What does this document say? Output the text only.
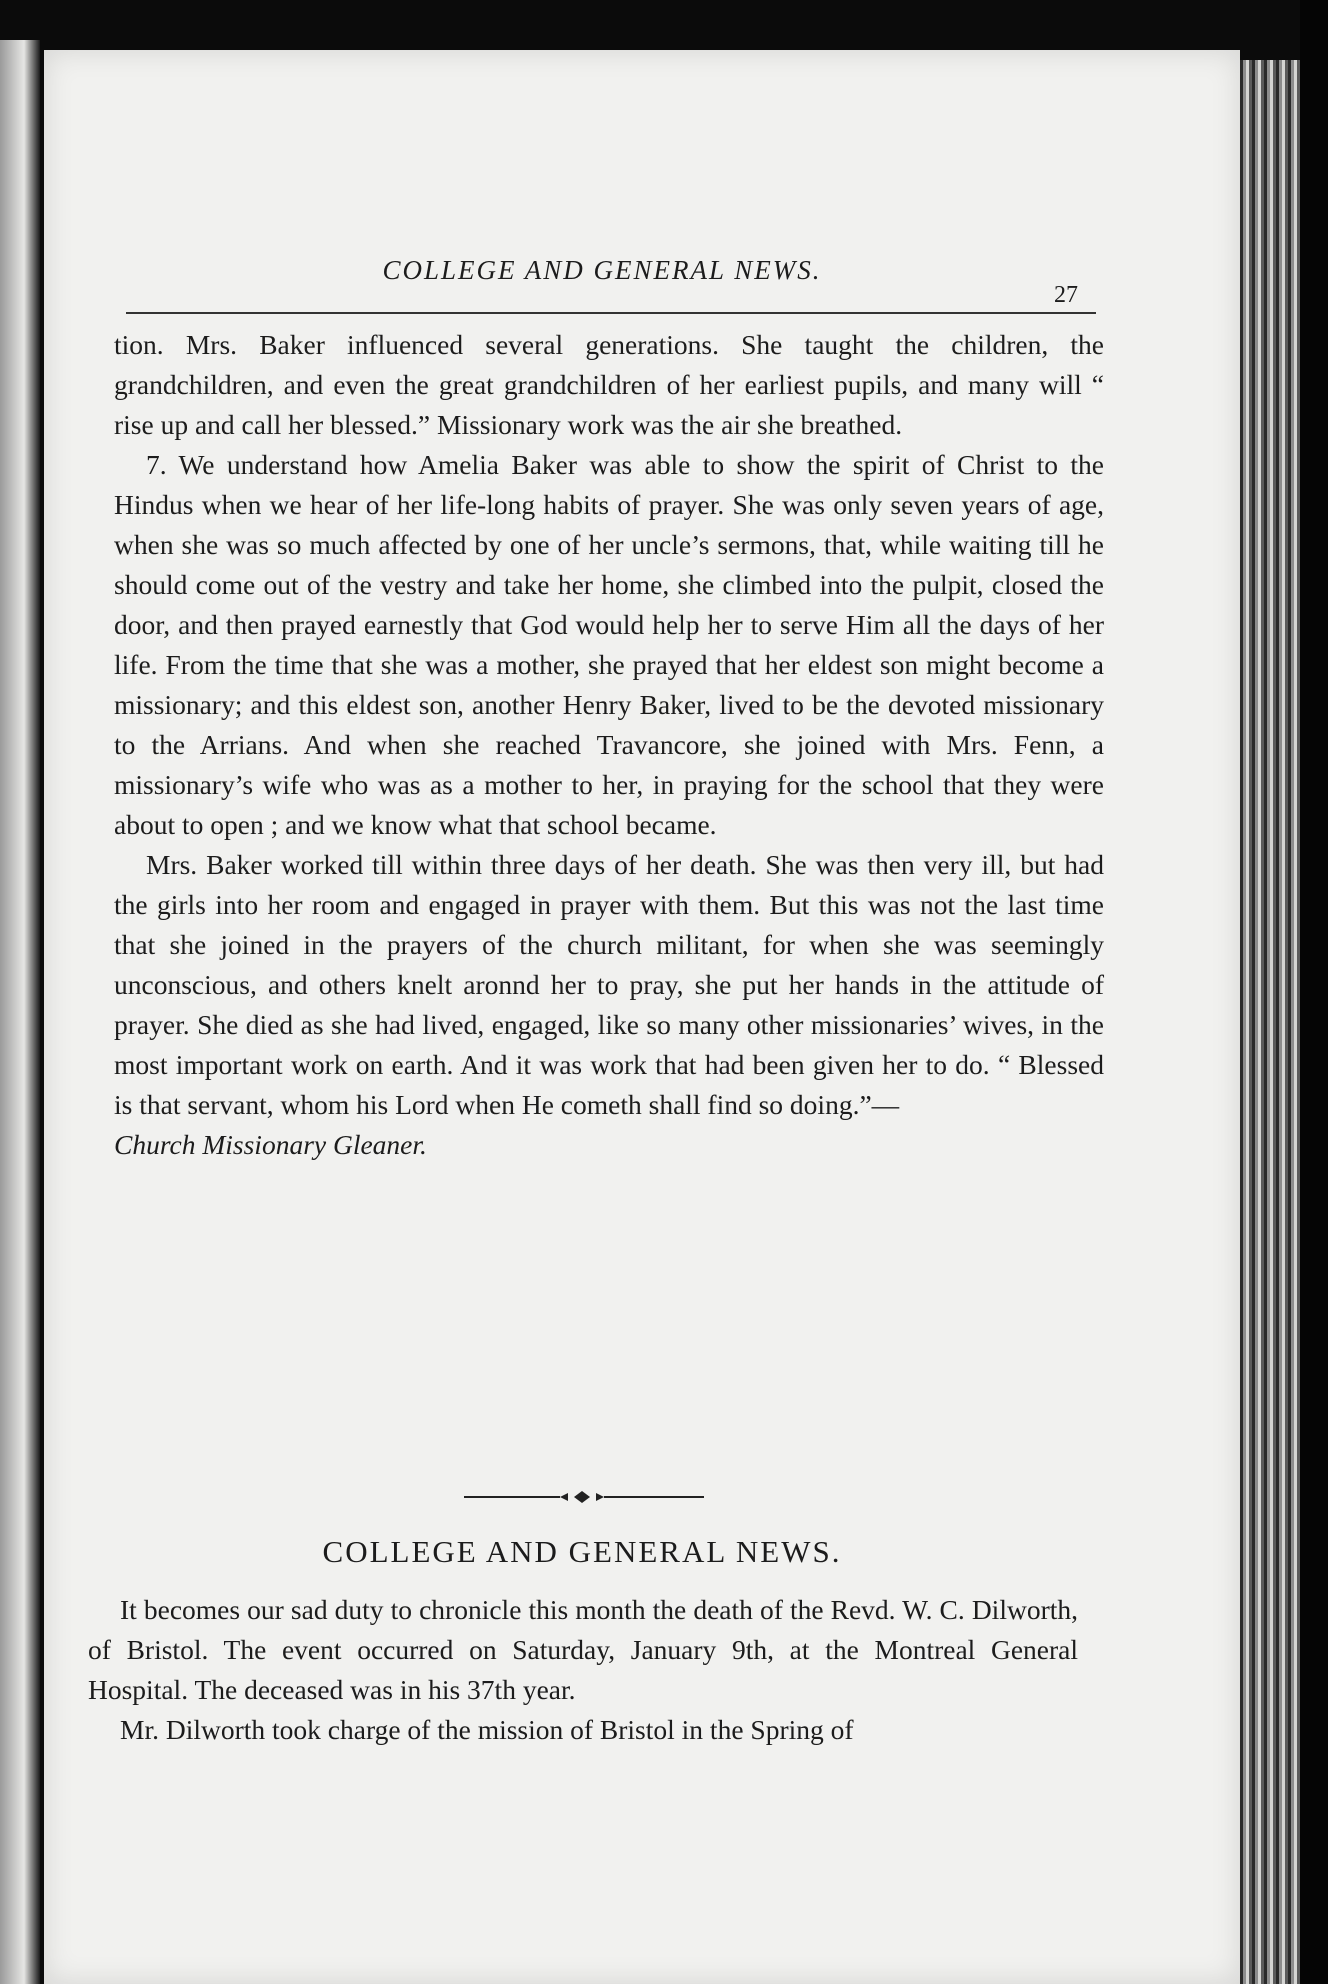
COLLEGE AND GENERAL NEWS.
27

tion. Mrs. Baker influenced several generations. She taught the children, the grandchildren, and even the great grandchildren of her earliest pupils, and many will “ rise up and call her blessed.” Missionary work was the air she breathed.

7. We understand how Amelia Baker was able to show the spirit of Christ to the Hindus when we hear of her life-long habits of prayer. She was only seven years of age, when she was so much affected by one of her uncle’s sermons, that, while waiting till he should come out of the vestry and take her home, she climbed into the pulpit, closed the door, and then prayed earnestly that God would help her to serve Him all the days of her life. From the time that she was a mother, she prayed that her eldest son might become a missionary; and this eldest son, another Henry Baker, lived to be the devoted missionary to the Arrians. And when she reached Travancore, she joined with Mrs. Fenn, a missionary’s wife who was as a mother to her, in praying for the school that they were about to open ; and we know what that school became.

Mrs. Baker worked till within three days of her death. She was then very ill, but had the girls into her room and engaged in prayer with them. But this was not the last time that she joined in the prayers of the church militant, for when she was seemingly unconscious, and others knelt aronnd her to pray, she put her hands in the attitude of prayer. She died as she had lived, engaged, like so many other missionaries’ wives, in the most important work on earth. And it was work that had been given her to do. “ Blessed is that servant, whom his Lord when He cometh shall find so doing.”—
Church Missionary Gleaner.

COLLEGE AND GENERAL NEWS.

It becomes our sad duty to chronicle this month the death of the Revd. W. C. Dilworth, of Bristol. The event occurred on Saturday, January 9th, at the Montreal General Hospital. The deceased was in his 37th year.

Mr. Dilworth took charge of the mission of Bristol in the Spring of
